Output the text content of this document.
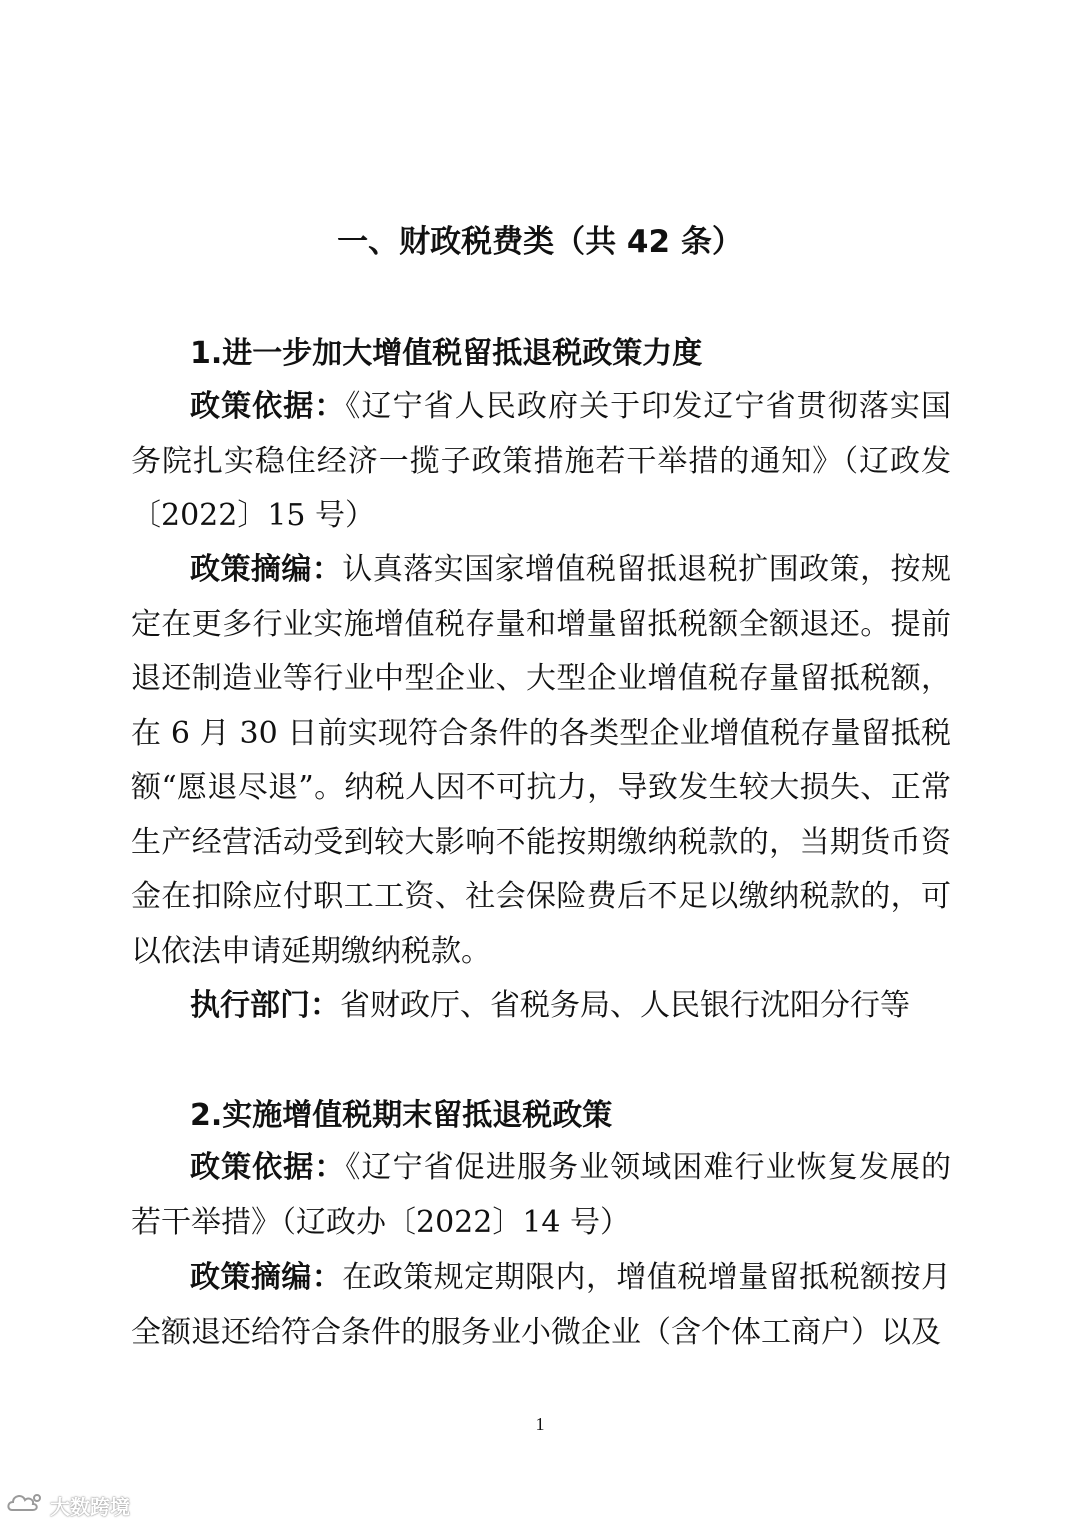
一、财政税费类（共 42 条）
1.进一步加大增值税留抵退税政策力度

政策依据：《辽宁省人民政府关于印发辽宁省贯彻落实国务院扎实稳住经济一揽子政策措施若干举措的通知》（辽政发〔2022〕15 号）

政策摘编：认真落实国家增值税留抵退税扩围政策，按规定在更多行业实施增值税存量和增量留抵税额全额退还。提前退还制造业等行业中型企业、大型企业增值税存量留抵税额，在 6 月 30 日前实现符合条件的各类型企业增值税存量留抵税额“愿退尽退”。纳税人因不可抗力，导致发生较大损失、正常生产经营活动受到较大影响不能按期缴纳税款的，当期货币资金在扣除应付职工工资、社会保险费后不足以缴纳税款的，可以依法申请延期缴纳税款。

执行部门：省财政厅、省税务局、人民银行沈阳分行等

2.实施增值税期末留抵退税政策

政策依据：《辽宁省促进服务业领域困难行业恢复发展的若干举措》（辽政办〔2022〕14 号）

政策摘编：在政策规定期限内，增值税增量留抵税额按月全额退还给符合条件的服务业小微企业（含个体工商户）以及

1
大数跨境
